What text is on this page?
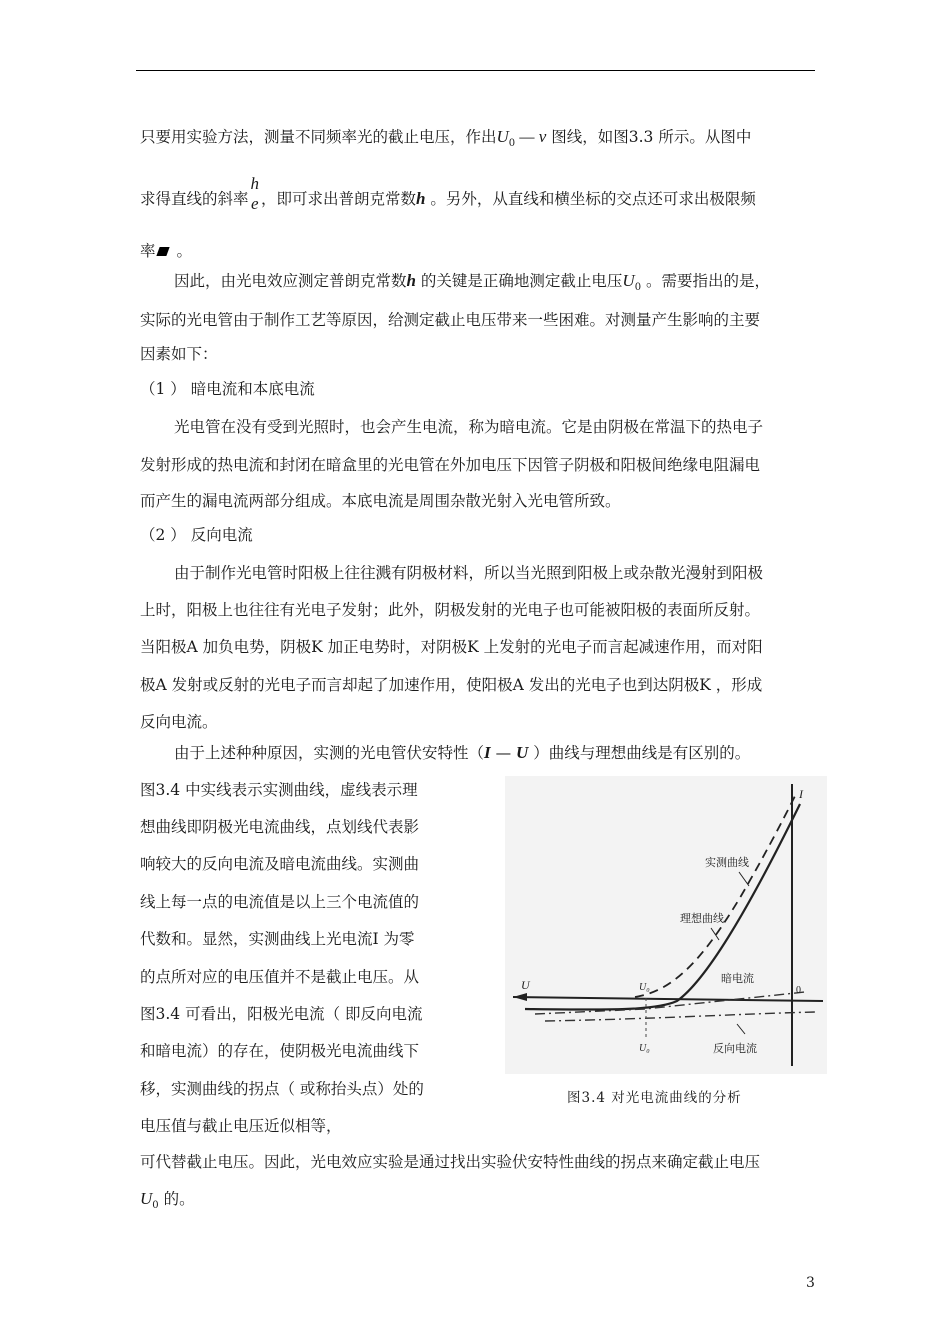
只要用实验方法，测量不同频率光的截止电压，作出$U_0$ — ν 图线，如图3.3 所示。从图中
求得直线的斜率
h
e ，即可求出普朗克常数h 。另外，从直线和横坐标的交点还可求出极限频
率 。
因此，由光电效应测定普朗克常数h 的关键是正确地测定截止电压$U_0$ 。需要指出的是，
实际的光电管由于制作工艺等原因，给测定截止电压带来一些困难。对测量产生影响的主要
因素如下：
（1 ） 暗电流和本底电流
光电管在没有受到光照时，也会产生电流，称为暗电流。它是由阴极在常温下的热电子
发射形成的热电流和封闭在暗盒里的光电管在外加电压下因管子阴极和阳极间绝缘电阻漏电
而产生的漏电流两部分组成。本底电流是周围杂散光射入光电管所致。
（2 ） 反向电流
由于制作光电管时阳极上往往溅有阴极材料，所以当光照到阳极上或杂散光漫射到阳极
上时，阳极上也往往有光电子发射；此外，阴极发射的光电子也可能被阳极的表面所反射。
当阳极A 加负电势，阴极K 加正电势时，对阴极K 上发射的光电子而言起减速作用，而对阳
极A 发射或反射的光电子而言却起了加速作用，使阳极A 发出的光电子也到达阴极K ，形成
反向电流。
由于上述种种原因，实测的光电管伏安特性（I — U ）曲线与理想曲线是有区别的。
图3.4 中实线表示实测曲线，虚线表示理
想曲线即阴极光电流曲线，点划线代表影
响较大的反向电流及暗电流曲线。实测曲
线上每一点的电流值是以上三个电流值的
代数和。显然，实测曲线上光电流I 为零
的点所对应的电压值并不是截止电压。从
图3.4 可看出，阳极光电流（ 即反向电流
和暗电流）的存在，使阴极光电流曲线下
移，实测曲线的拐点（ 或称抬头点）处的
电压值与截止电压近似相等，
可代替截止电压。因此，光电效应实验是通过找出实验伏安特性曲线的拐点来确定截止电压
$U_0$ 的。
I
实测曲线
理想曲线
暗电流
反向电流
U	U₀
U₀
0
图3.4 对光电流曲线的分析
3
